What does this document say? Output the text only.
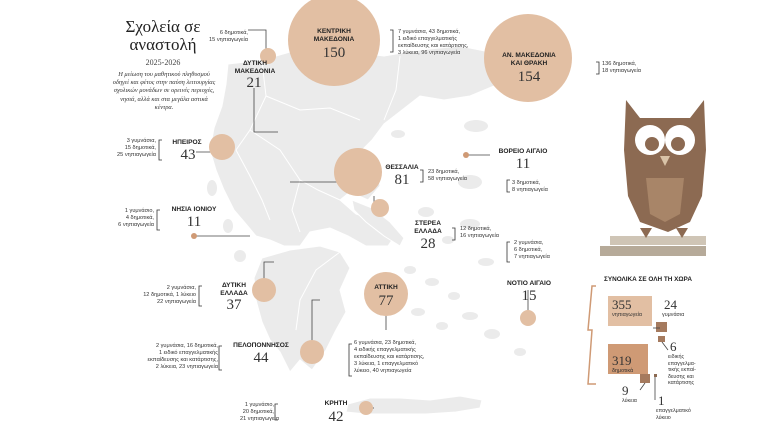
Σχολεία σε αναστολή
2025-2026
Η μείωση του μαθητικού πληθυσμού οδηγεί και φέτος στην παύση λειτουργίας σχολικών μονάδων σε ορεινές περιοχές, νησιά, αλλά και στα μεγάλα αστικά κέντρα.
ΚΕΝΤΡΙΚΗ ΜΑΚΕΔΟΝΙΑ
150
7 γυμνάσια, 43 δημοτικά,
1 ειδικό επαγγελματικής
εκπαίδευσης και κατάρτισης,
3 λύκεια, 96 νηπιαγωγεία
6 δημοτικά,
15 νηπιαγωγεία
ΔΥΤΙΚΗ ΜΑΚΕΔΟΝΙΑ
21
ΑΝ. ΜΑΚΕΔΟΝΙΑ ΚΑΙ ΘΡΑΚΗ
154
136 δημοτικά,
18 νηπιαγωγεία
3 γυμνάσια,
15 δημοτικά,
25 νηπιαγωγεία
ΗΠΕΙΡΟΣ
43
ΘΕΣΣΑΛΙΑ
81	23 δημοτικά,
58 νηπιαγωγεία
ΒΟΡΕΙΟ ΑΙΓΑΙΟ
11
3 δημοτικά,
8 νηπιαγωγεία
1 γυμνάσιο,
4 δημοτικά,
6 νηπιαγωγεία
ΝΗΣΙΑ ΙΟΝΙΟΥ
11	ΣΤΕΡΕΑ ΕΛΛΑΔΑ
28
12 δημοτικά,
16 νηπιαγωγεία
2 γυμνάσια,
6 δημοτικά,
7 νηπιαγωγεία
ΝΟΤΙΟ ΑΙΓΑΙΟ
15
ΔΥΤΙΚΗ ΕΛΛΑΔΑ
37
2 γυμνάσια,
12 δημοτικά, 1 λύκειο
22 νηπιαγωγεία
ΑΤΤΙΚΗ
77
6 γυμνάσια, 23 δημοτικά,
4 ειδικής επαγγελματικής
εκπαίδευσης και κατάρτισης,
3 λύκεια, 1 επαγγελματικό
λύκειο, 40 νηπιαγωγεία
2 γυμνάσια, 16 δημοτικά,
1 ειδικό επαγγελματικής
εκπαίδευσης και κατάρτισης,
2 λύκεια, 23 νηπιαγωγεία
ΠΕΛΟΠΟΝΝΗΣΟΣ
44
1 γυμνάσιο,
20 δημοτικά,
21 νηπιαγωγεία
ΚΡΗΤΗ
42
ΣΥΝΟΛΙΚΑ ΣΕ ΟΛΗ ΤΗ ΧΩΡΑ
355
νηπιαγωγεία
24
γυμνάσια
319
δημοτικά
6
ειδικής επαγγελμα- τικής εκπαί- δευσης και κατάρτισης
9
λύκεια 1
επαγγελματικό λύκειο
